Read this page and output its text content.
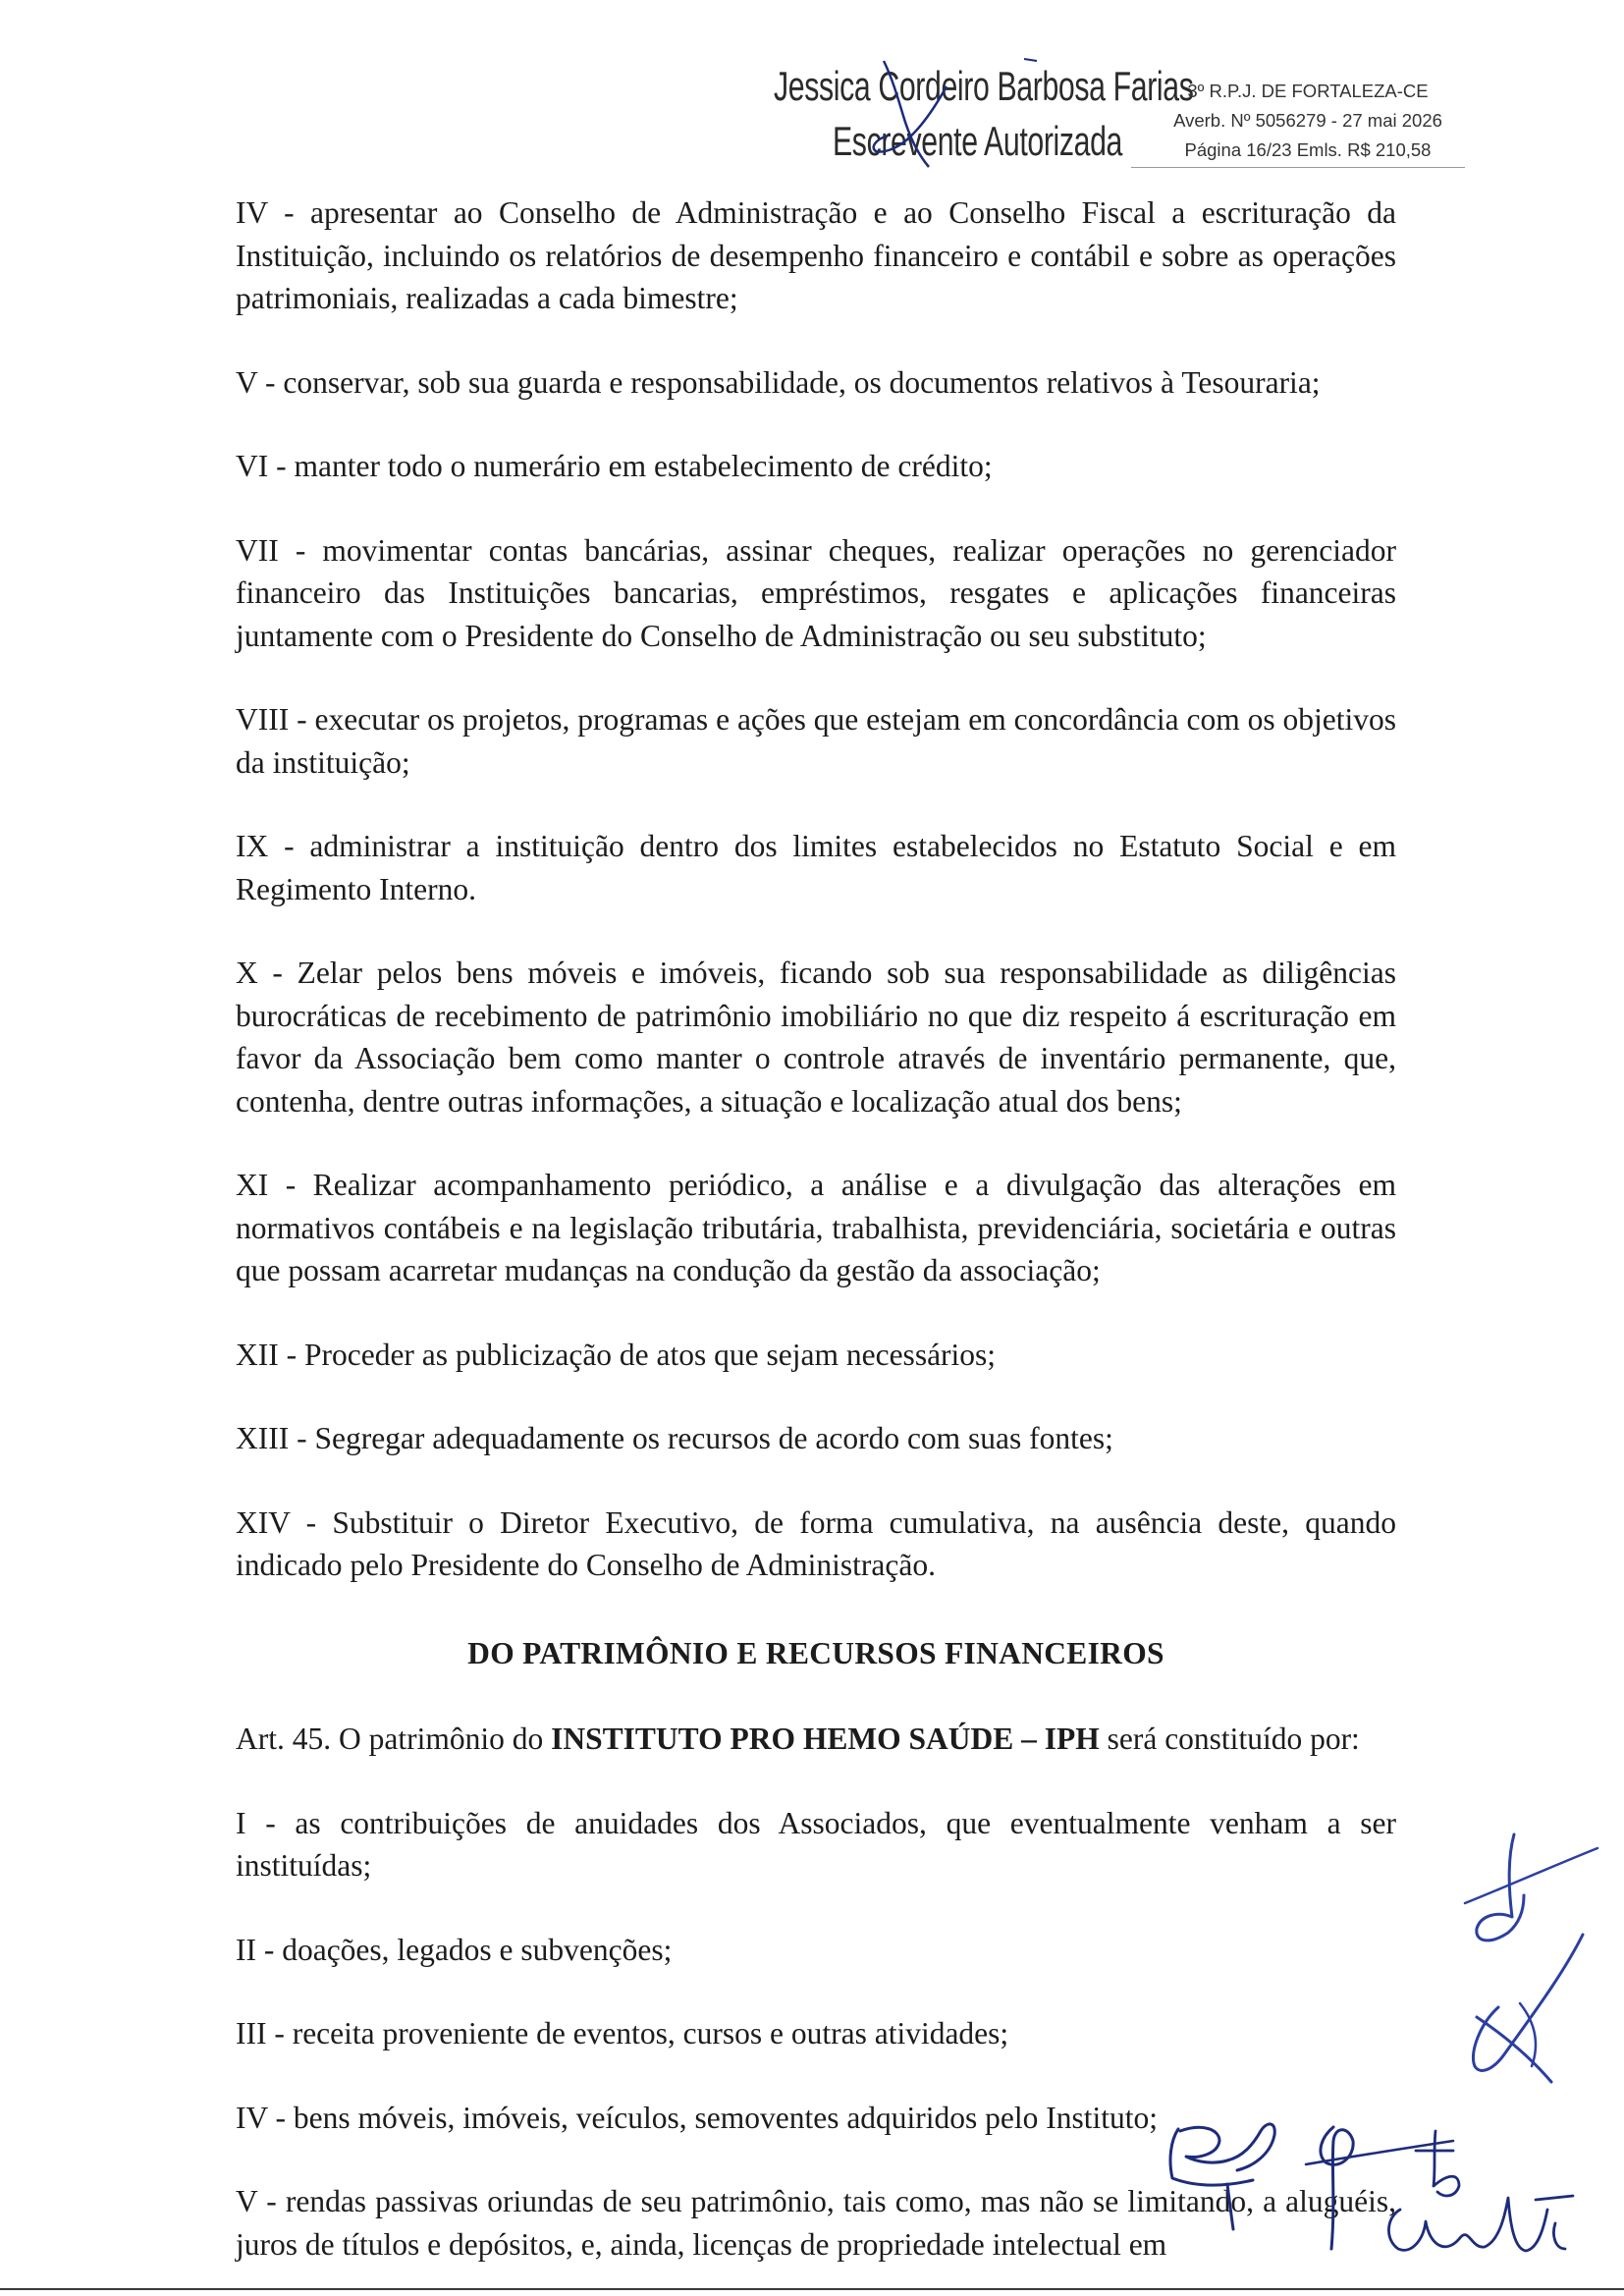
Jessica Cordeiro Barbosa Farias
Escrevente Autorizada
3º R.P.J. DE FORTALEZA-CE
Averb. Nº 5056279 - 27 mai 2026
Página 16/23 Emls. R$ 210,58

IV - apresentar ao Conselho de Administração e ao Conselho Fiscal a escrituração da Instituição, incluindo os relatórios de desempenho financeiro e contábil e sobre as operações patrimoniais, realizadas a cada bimestre;

V - conservar, sob sua guarda e responsabilidade, os documentos relativos à Tesouraria;

VI - manter todo o numerário em estabelecimento de crédito;

VII - movimentar contas bancárias, assinar cheques, realizar operações no gerenciador financeiro das Instituições bancarias, empréstimos, resgates e aplicações financeiras juntamente com o Presidente do Conselho de Administração ou seu substituto;

VIII - executar os projetos, programas e ações que estejam em concordância com os objetivos da instituição;

IX - administrar a instituição dentro dos limites estabelecidos no Estatuto Social e em Regimento Interno.

X - Zelar pelos bens móveis e imóveis, ficando sob sua responsabilidade as diligências burocráticas de recebimento de patrimônio imobiliário no que diz respeito á escrituração em favor da Associação bem como manter o controle através de inventário permanente, que, contenha, dentre outras informações, a situação e localização atual dos bens;

XI - Realizar acompanhamento periódico, a análise e a divulgação das alterações em normativos contábeis e na legislação tributária, trabalhista, previdenciária, societária e outras que possam acarretar mudanças na condução da gestão da associação;

XII - Proceder as publicização de atos que sejam necessários;

XIII - Segregar adequadamente os recursos de acordo com suas fontes;

XIV - Substituir o Diretor Executivo, de forma cumulativa, na ausência deste, quando indicado pelo Presidente do Conselho de Administração.

DO PATRIMÔNIO E RECURSOS FINANCEIROS

Art. 45. O patrimônio do INSTITUTO PRO HEMO SAÚDE – IPH será constituído por:

I - as contribuições de anuidades dos Associados, que eventualmente venham a ser instituídas;

II - doações, legados e subvenções;

III - receita proveniente de eventos, cursos e outras atividades;

IV - bens móveis, imóveis, veículos, semoventes adquiridos pelo Instituto;

V - rendas passivas oriundas de seu patrimônio, tais como, mas não se limitando, a aluguéis, juros de títulos e depósitos, e, ainda, licenças de propriedade intelectual em
